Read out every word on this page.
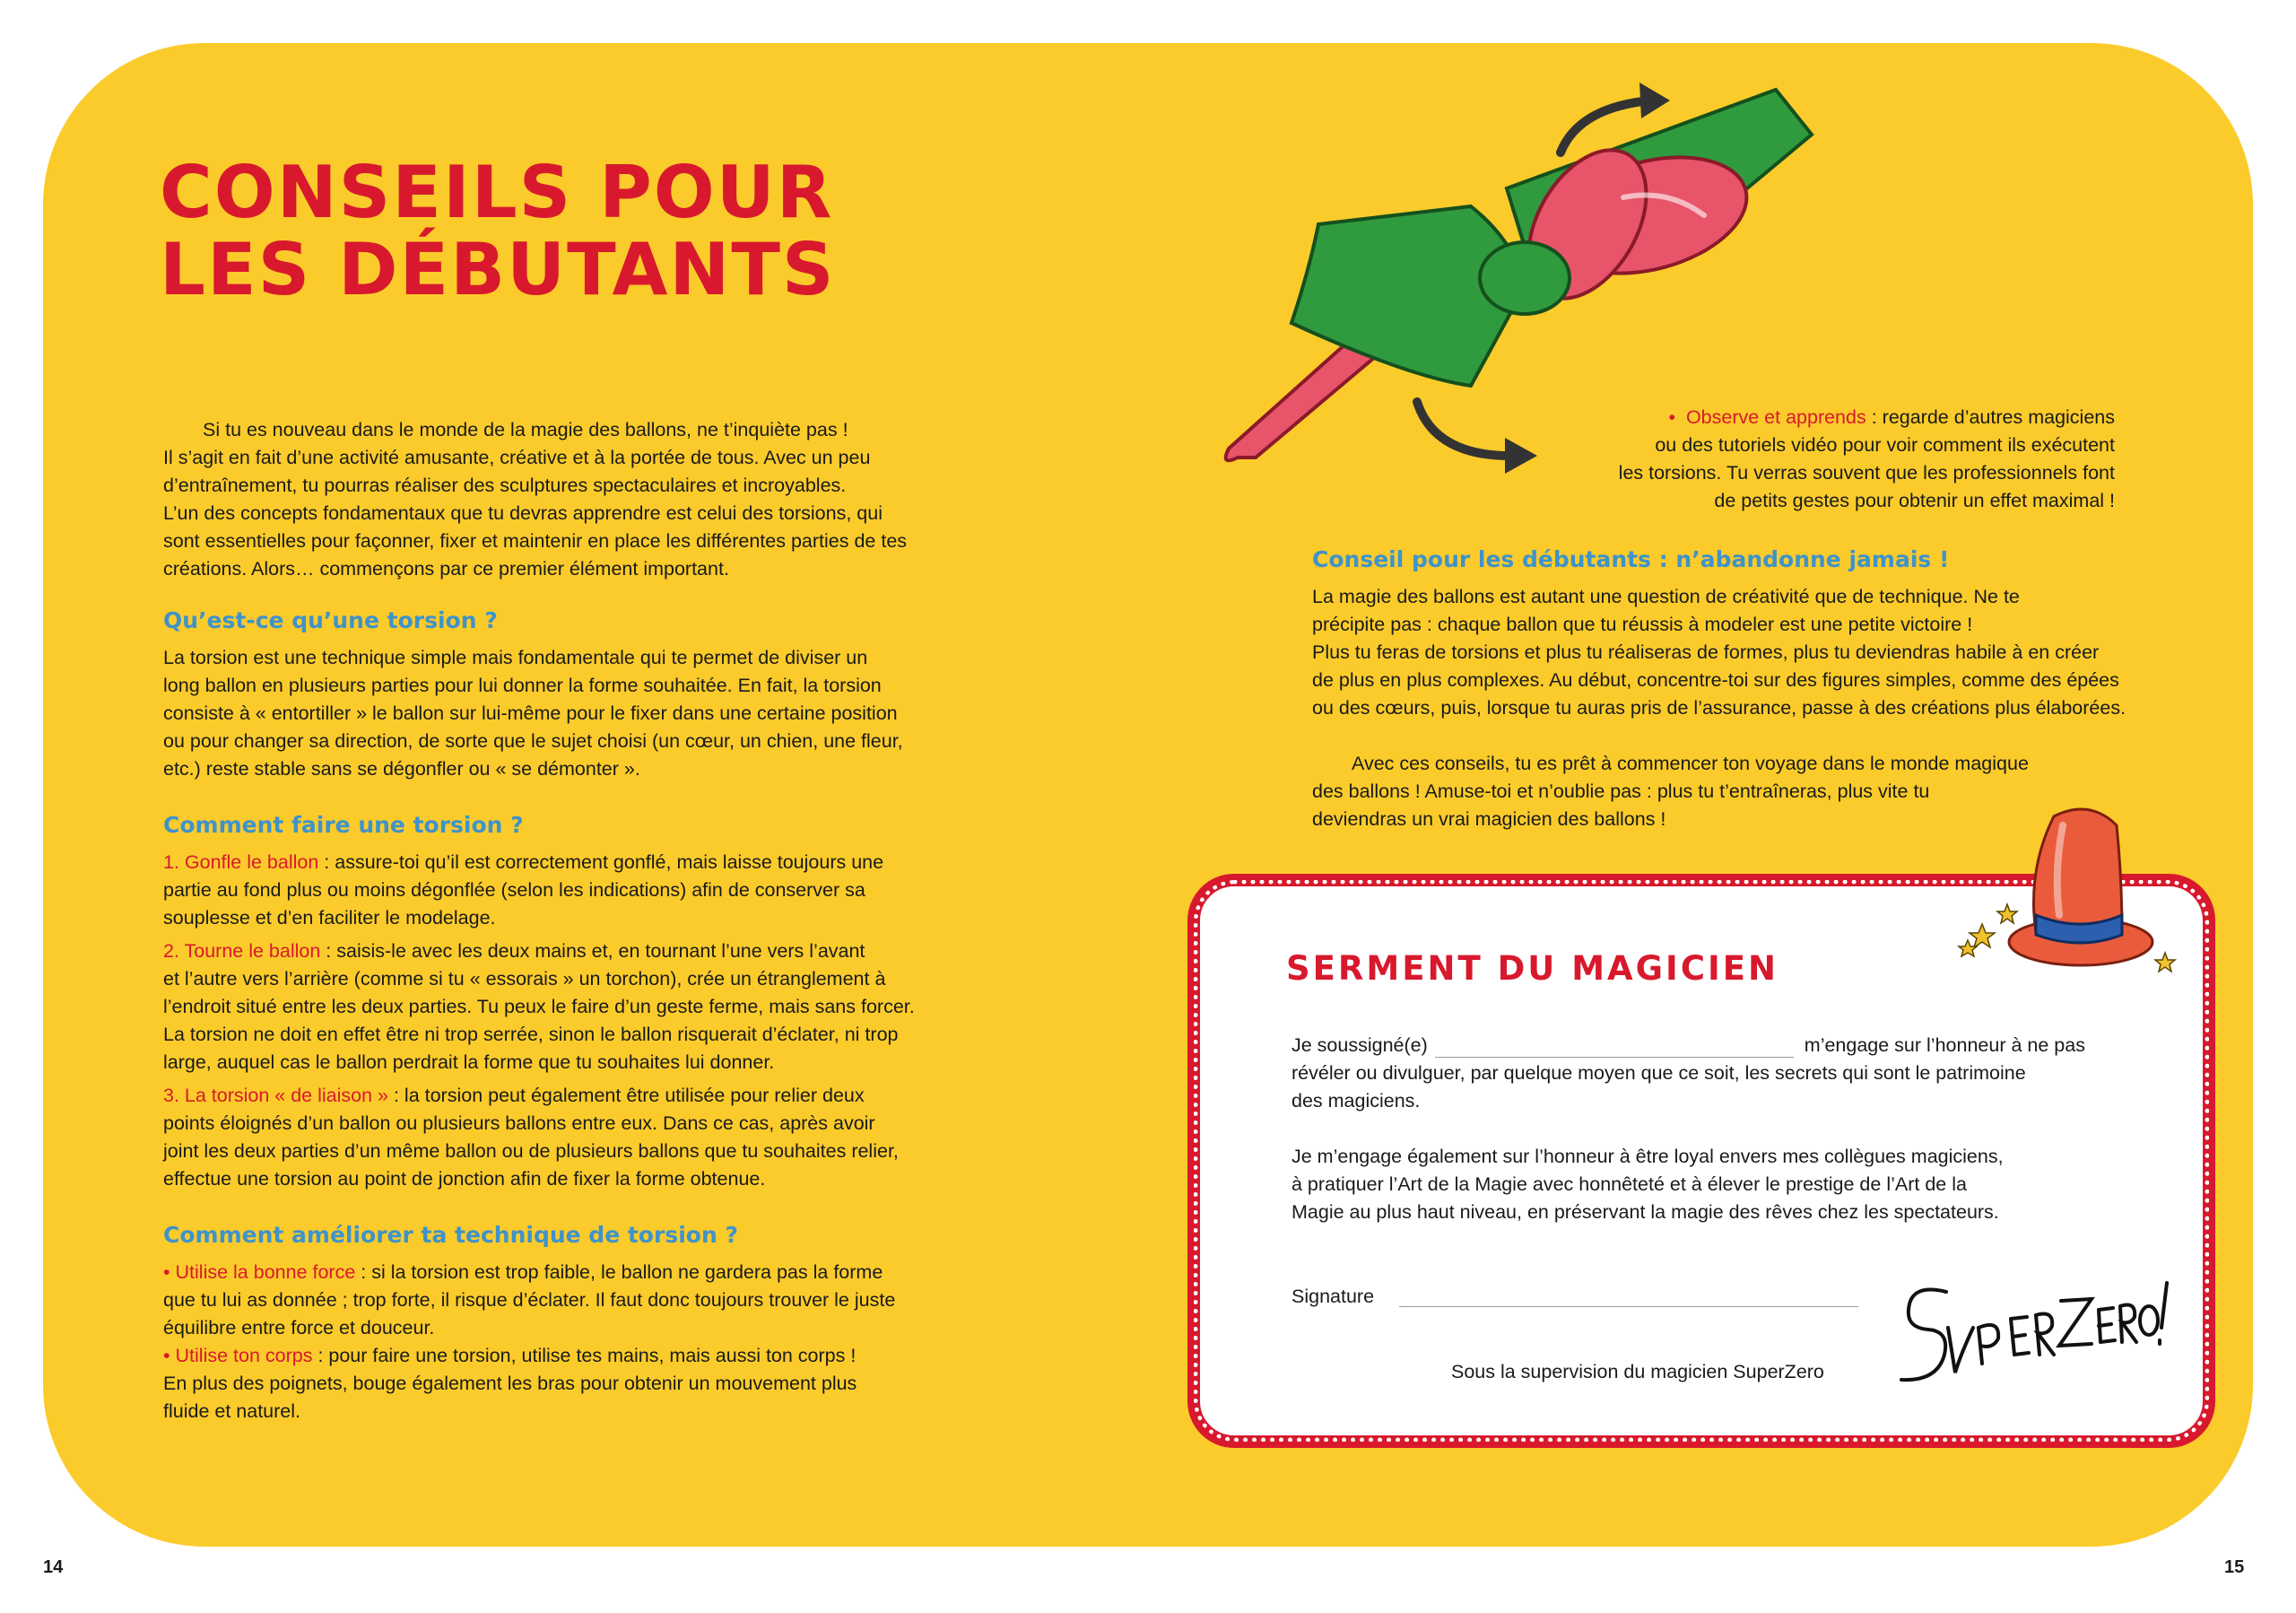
CONSEILS POUR
LES DÉBUTANTS

Si tu es nouveau dans le monde de la magie des ballons, ne t’inquiète pas !

Il s’agit en fait d’une activité amusante, créative et à la portée de tous. Avec un peu

d’entraînement, tu pourras réaliser des sculptures spectaculaires et incroyables.

L’un des concepts fondamentaux que tu devras apprendre est celui des torsions, qui

sont essentielles pour façonner, fixer et maintenir en place les différentes parties de tes

créations. Alors… commençons par ce premier élément important.

Qu’est-ce qu’une torsion ?

La torsion est une technique simple mais fondamentale qui te permet de diviser un

long ballon en plusieurs parties pour lui donner la forme souhaitée. En fait, la torsion

consiste à « entortiller » le ballon sur lui-même pour le fixer dans une certaine position

ou pour changer sa direction, de sorte que le sujet choisi (un cœur, un chien, une fleur,

etc.) reste stable sans se dégonfler ou « se démonter ».

Comment faire une torsion ?

1. Gonfle le ballon : assure-toi qu’il est correctement gonflé, mais laisse toujours une

partie au fond plus ou moins dégonflée (selon les indications) afin de conserver sa

souplesse et d’en faciliter le modelage.

2. Tourne le ballon : saisis-le avec les deux mains et, en tournant l’une vers l’avant

et l’autre vers l’arrière (comme si tu « essorais » un torchon), crée un étranglement à

l’endroit situé entre les deux parties. Tu peux le faire d’un geste ferme, mais sans forcer.

La torsion ne doit en effet être ni trop serrée, sinon le ballon risquerait d’éclater, ni trop

large, auquel cas le ballon perdrait la forme que tu souhaites lui donner.

3. La torsion « de liaison » : la torsion peut également être utilisée pour relier deux

points éloignés d’un ballon ou plusieurs ballons entre eux. Dans ce cas, après avoir

joint les deux parties d’un même ballon ou de plusieurs ballons que tu souhaites relier,

effectue une torsion au point de jonction afin de fixer la forme obtenue.

Comment améliorer ta technique de torsion ?

• Utilise la bonne force : si la torsion est trop faible, le ballon ne gardera pas la forme

que tu lui as donnée ; trop forte, il risque d’éclater. Il faut donc toujours trouver le juste

équilibre entre force et douceur.

• Utilise ton corps : pour faire une torsion, utilise tes mains, mais aussi ton corps !

En plus des poignets, bouge également les bras pour obtenir un mouvement plus

fluide et naturel.

•  Observe et apprends : regarde d’autres magiciens

ou des tutoriels vidéo pour voir comment ils exécutent

les torsions. Tu verras souvent que les professionnels font

de petits gestes pour obtenir un effet maximal !

Conseil pour les débutants : n’abandonne jamais !

La magie des ballons est autant une question de créativité que de technique. Ne te

précipite pas : chaque ballon que tu réussis à modeler est une petite victoire !

Plus tu feras de torsions et plus tu réaliseras de formes, plus tu deviendras habile à en créer

de plus en plus complexes. Au début, concentre-toi sur des figures simples, comme des épées

ou des cœurs, puis, lorsque tu auras pris de l’assurance, passe à des créations plus élaborées.

Avec ces conseils, tu es prêt à commencer ton voyage dans le monde magique

des ballons ! Amuse-toi et n’oublie pas : plus tu t’entraîneras, plus vite tu

deviendras un vrai magicien des ballons !

SERMENT DU MAGICIEN

Je soussigné(e)	m’engage sur l’honneur à ne pas

révéler ou divulguer, par quelque moyen que ce soit, les secrets qui sont le patrimoine

des magiciens.

Je m’engage également sur l’honneur à être loyal envers mes collègues magiciens,

à pratiquer l’Art de la Magie avec honnêteté et à élever le prestige de l’Art de la

Magie au plus haut niveau, en préservant la magie des rêves chez les spectateurs.

Signature
Sous la supervision du magicien SuperZero
14	15
